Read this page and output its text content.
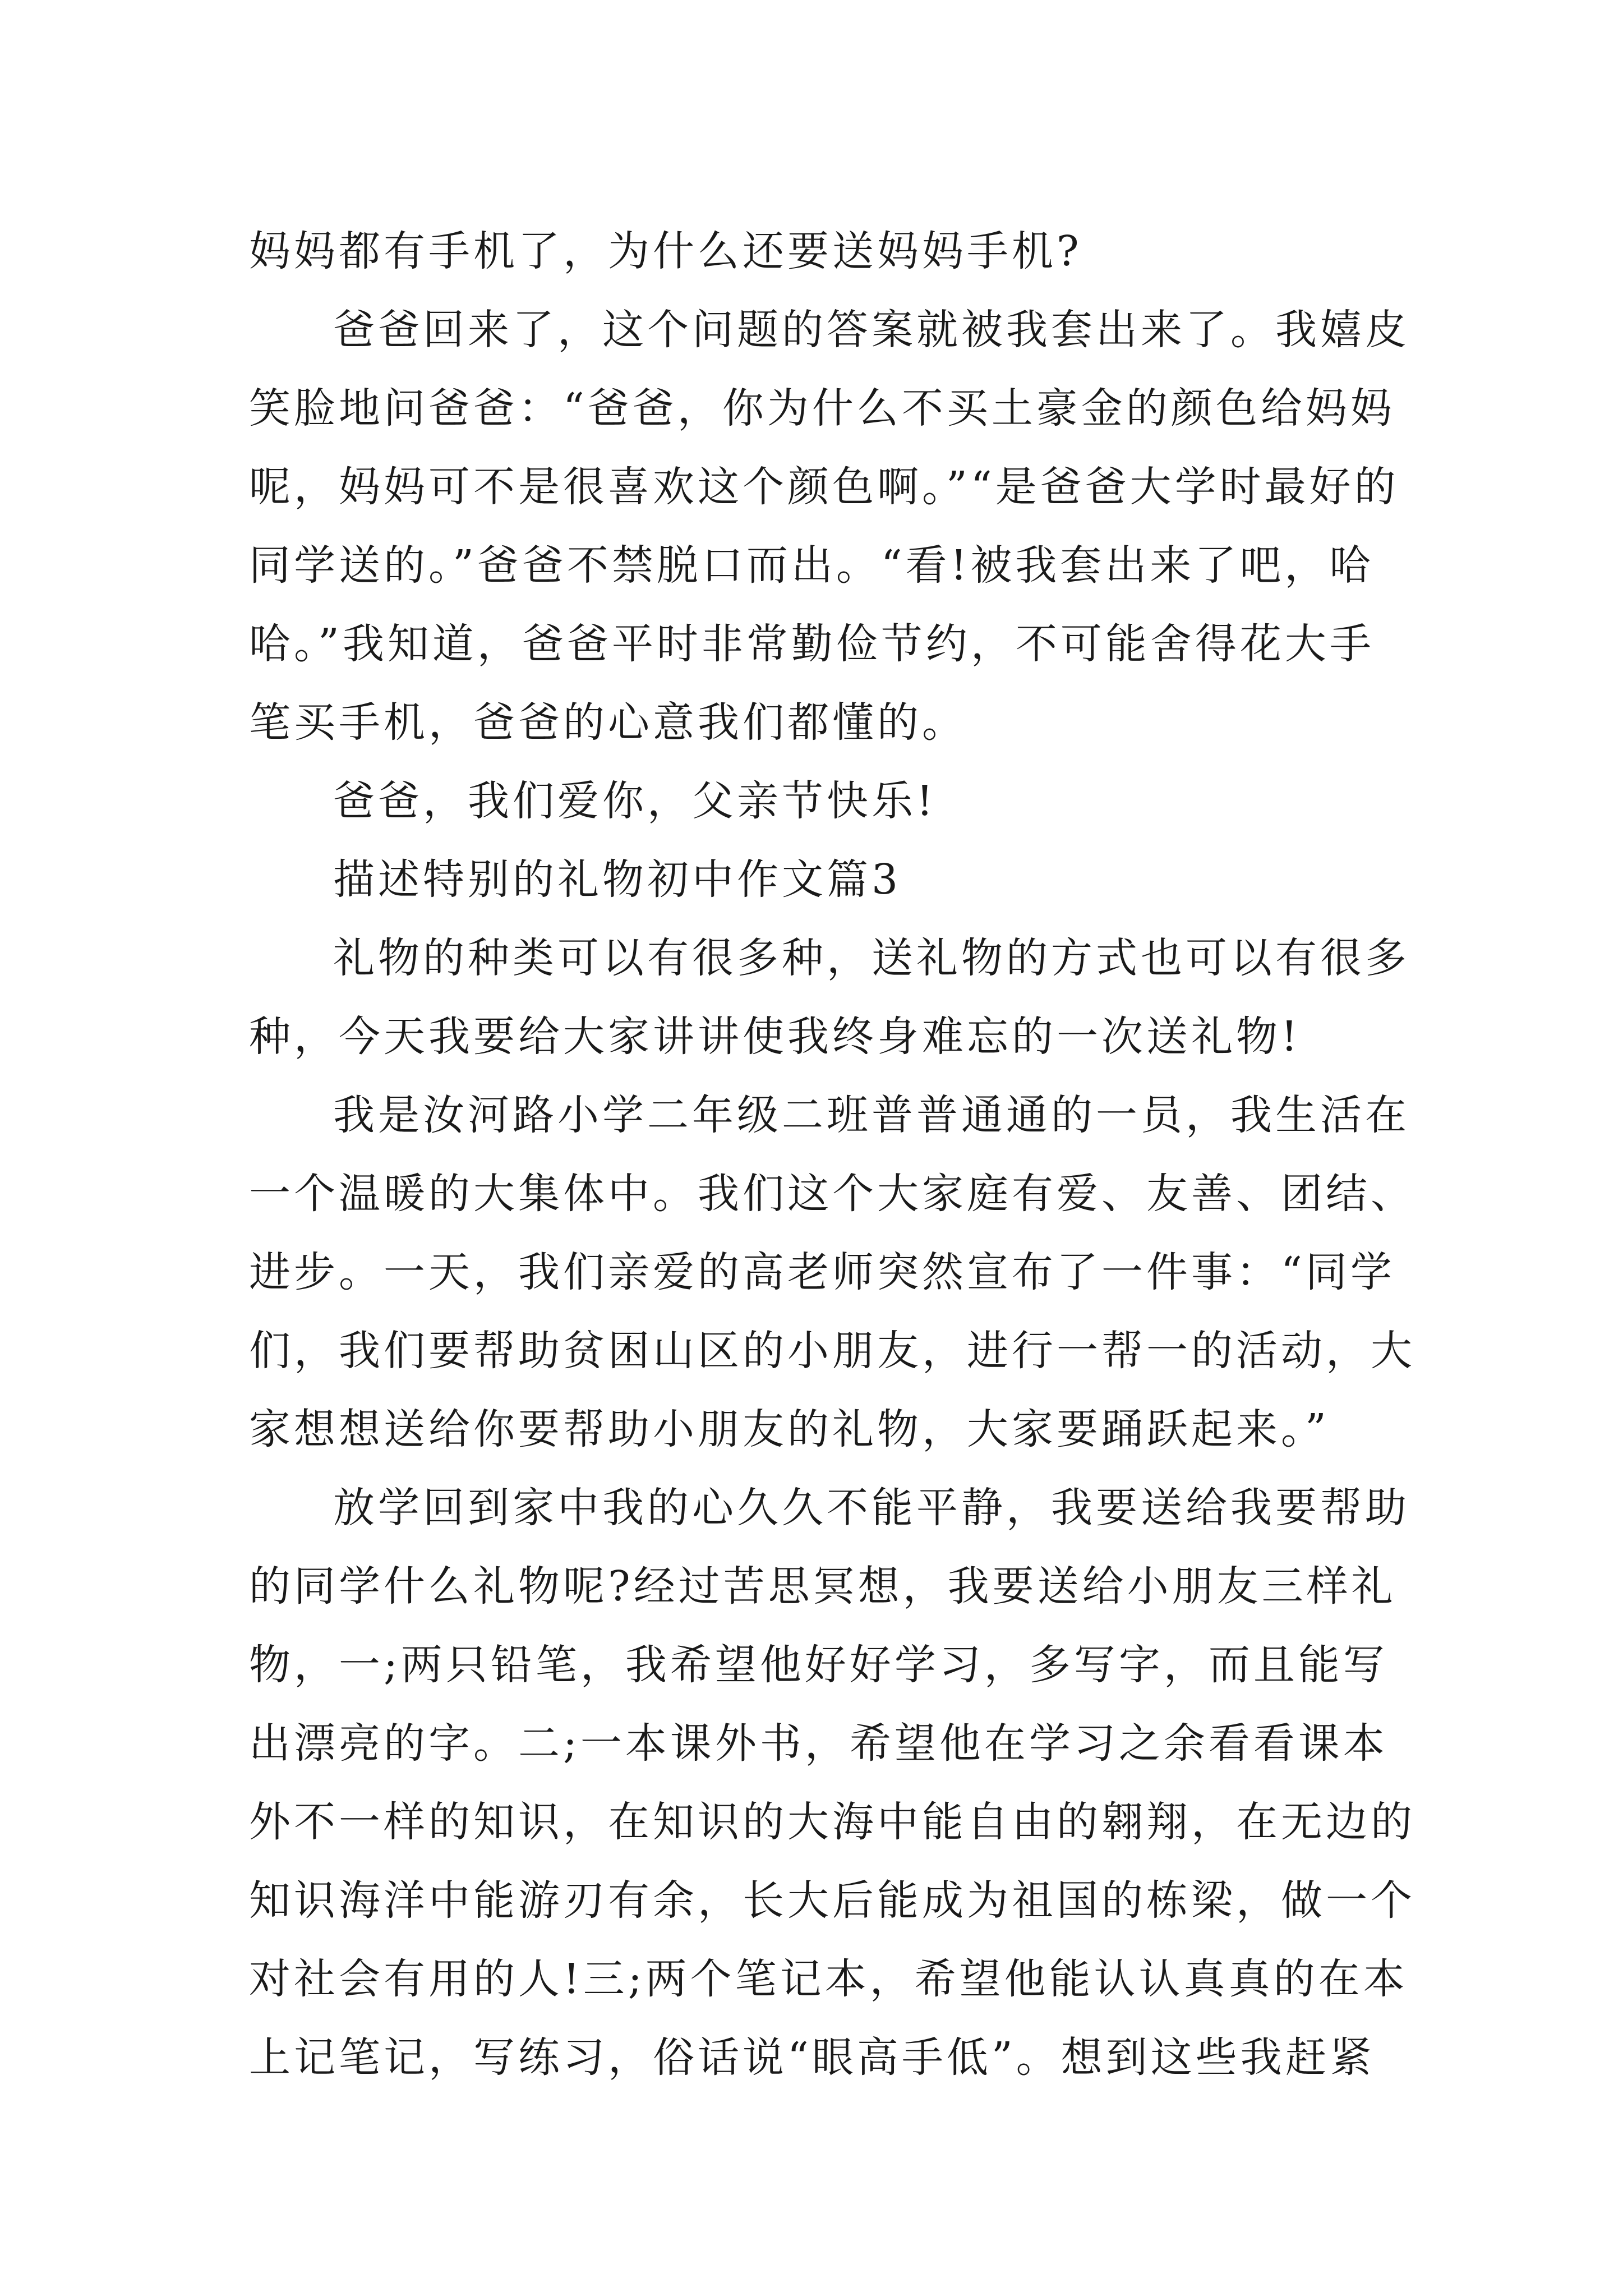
妈妈都有手机了，为什么还要送妈妈手机?
爸爸回来了，这个问题的答案就被我套出来了。我嬉皮
笑脸地问爸爸：“爸爸，你为什么不买土豪金的颜色给妈妈
呢，妈妈可不是很喜欢这个颜色啊。”“是爸爸大学时最好的
同学送的。”爸爸不禁脱口而出。“看!被我套出来了吧，哈
哈。”我知道，爸爸平时非常勤俭节约，不可能舍得花大手
笔买手机，爸爸的心意我们都懂的。
爸爸，我们爱你，父亲节快乐!
描述特别的礼物初中作文篇3
礼物的种类可以有很多种，送礼物的方式也可以有很多
种，今天我要给大家讲讲使我终身难忘的一次送礼物!
我是汝河路小学二年级二班普普通通的一员，我生活在
一个温暖的大集体中。我们这个大家庭有爱、友善、团结、
进步。一天，我们亲爱的高老师突然宣布了一件事：“同学
们，我们要帮助贫困山区的小朋友，进行一帮一的活动，大
家想想送给你要帮助小朋友的礼物，大家要踊跃起来。”
放学回到家中我的心久久不能平静，我要送给我要帮助
的同学什么礼物呢?经过苦思冥想，我要送给小朋友三样礼
物，一;两只铅笔，我希望他好好学习，多写字，而且能写
出漂亮的字。二;一本课外书，希望他在学习之余看看课本
外不一样的知识，在知识的大海中能自由的翱翔，在无边的
知识海洋中能游刃有余，长大后能成为祖国的栋梁，做一个
对社会有用的人!三;两个笔记本，希望他能认认真真的在本
上记笔记，写练习，俗话说“眼高手低”。想到这些我赶紧
